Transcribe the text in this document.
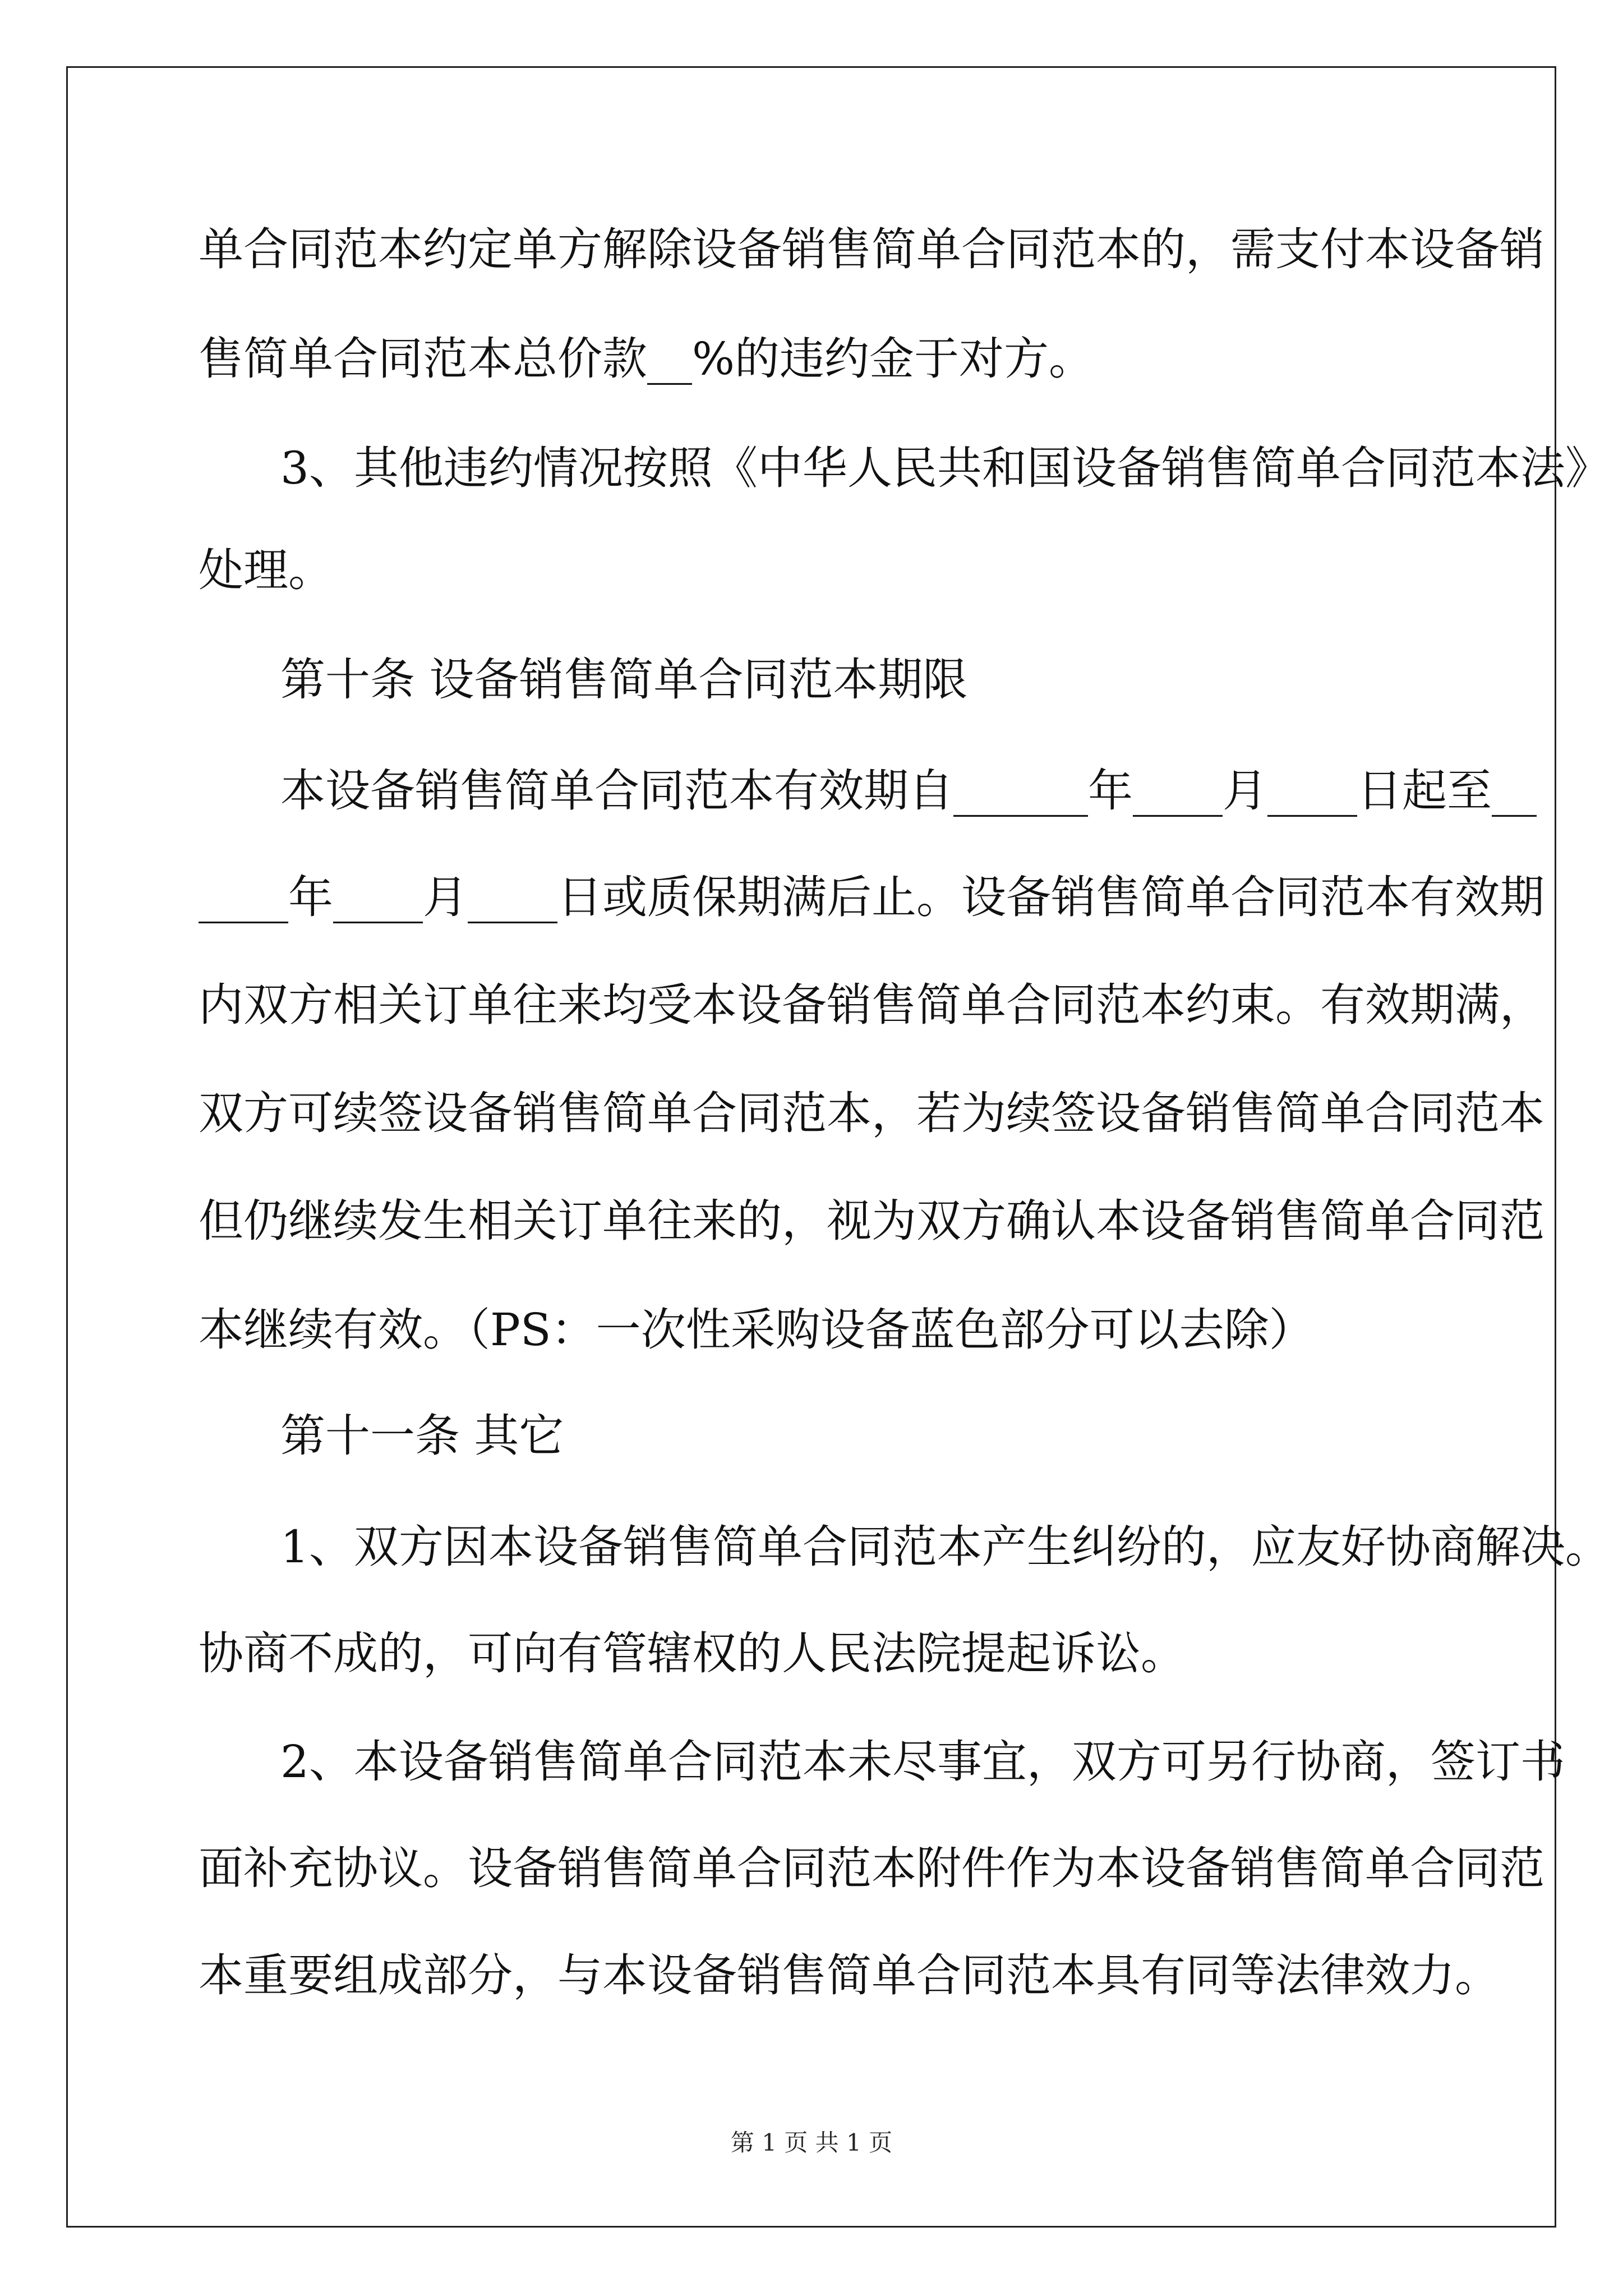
单合同范本约定单方解除设备销售简单合同范本的，需支付本设备销
售简单合同范本总价款__%的违约金于对方。
3、其他违约情况按照《中华人民共和国设备销售简单合同范本法》
处理。
第十条 设备销售简单合同范本期限
本设备销售简单合同范本有效期自______年____月____日起至__
____年____月____日或质保期满后止。设备销售简单合同范本有效期
内双方相关订单往来均受本设备销售简单合同范本约束。有效期满，
双方可续签设备销售简单合同范本，若为续签设备销售简单合同范本
但仍继续发生相关订单往来的，视为双方确认本设备销售简单合同范
本继续有效。（PS：一次性采购设备蓝色部分可以去除）
第十一条 其它
1、双方因本设备销售简单合同范本产生纠纷的，应友好协商解决。
协商不成的，可向有管辖权的人民法院提起诉讼。
2、本设备销售简单合同范本未尽事宜，双方可另行协商，签订书
面补充协议。设备销售简单合同范本附件作为本设备销售简单合同范
本重要组成部分，与本设备销售简单合同范本具有同等法律效力。
第 1 页 共 1 页
